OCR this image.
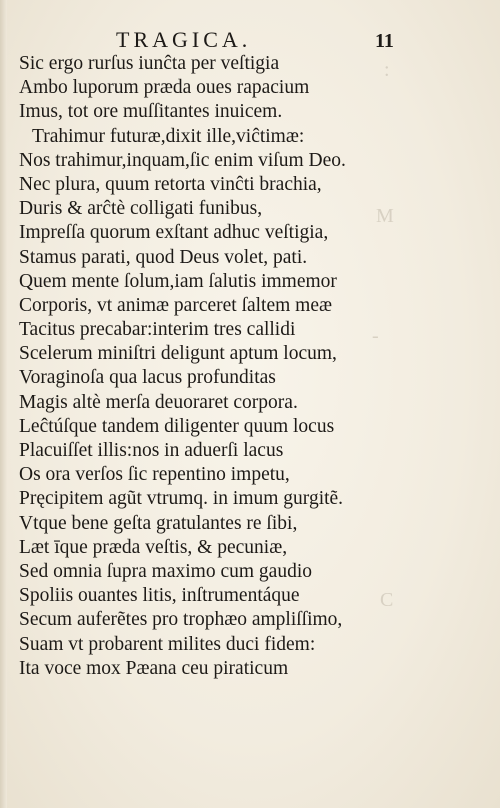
TRAGICA.	11
Sic ergo rurſus iunĉta per veſtigia
Ambo luporum præda oues rapacium
Imus, tot ore muſſitantes inuicem.
Trahimur futuræ,dixit ille,viĉtimæ:
Nos trahimur,inquam,ſic enim viſum Deo.
Nec plura, quum retorta vinĉti brachia,
Duris & arĉtè colligati funibus,
Impreſſa quorum exſtant adhuc veſtigia,
Stamus parati, quod Deus volet, pati.
Quem mente ſolum,iam ſalutis immemor
Corporis, vt animæ parceret ſaltem meæ
Tacitus precabar:interim tres callidi
Scelerum miniſtri deligunt aptum locum,
Voraginoſa qua lacus profunditas
Magis altè merſa deuoraret corpora.
Leĉtúſque tandem diligenter quum locus
Placuiſſet illis:nos in aduerſi lacus
Os ora verſos ſic repentino impetu,
Pręcipitem agũt vtrumq. in imum gurgitẽ.
Vtque bene geſta gratulantes re ſibi,
Læt īque præda veſtis, & pecuniæ,
Sed omnia ſupra maximo cum gaudio
Spoliis ouantes litis, inſtrumentáque
Secum auferẽtes pro trophæo ampliſſimo,
Suam vt probarent milites duci fidem:
Ita voce mox Pæana ceu piraticum
:
M
-
C
